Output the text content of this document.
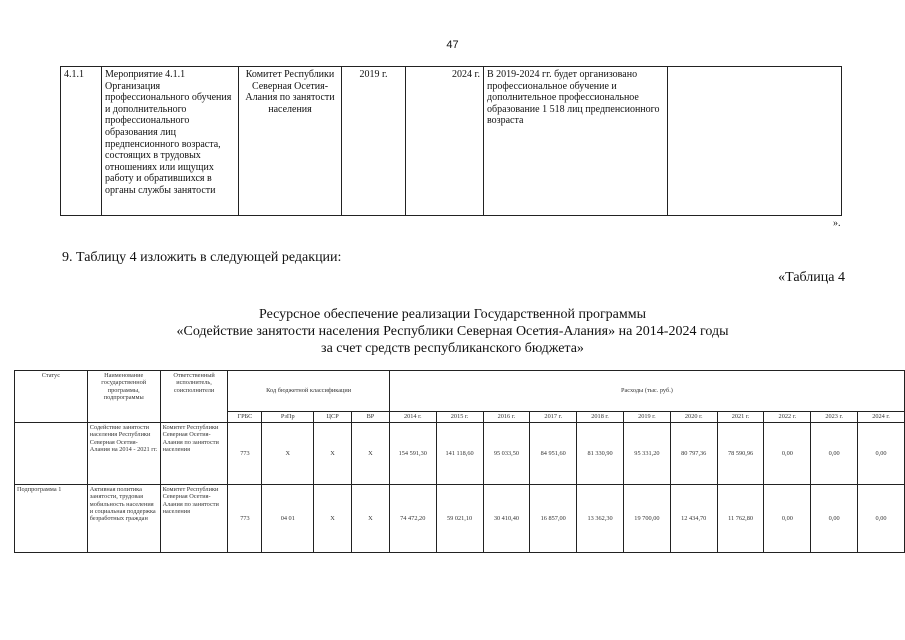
47
4.1.1	Мероприятие 4.1.1 Организация профессионального обучения и дополнительного профессионального образования лиц предпенсионного возраста, состоящих в трудовых отношениях или ищущих работу и обратившихся в органы службы занятости	Комитет Республики Северная Осетия-Алания по занятости населения	2019 г.	2024 г.	В 2019-2024 гг. будет организовано профессиональное обучение и дополнительное профессиональное образование 1 518 лиц предпенсионного возраста	
».
9. Таблицу 4 изложить в следующей редакции:
«Таблица 4
Ресурсное обеспечение реализации Государственной программы
«Содействие занятости населения Республики Северная Осетия-Алания» на 2014-2024 годы
за счет средств республиканского бюджета»
Статус	Наименование государственной программы, подпрограммы	Ответственный исполнитель, соисполнители	Код бюджетной классификации				Расходы (тыс. руб.)										
			ГРБС	РзПр	ЦСР	ВР	2014 г.	2015 г.	2016 г.	2017 г.	2018 г.	2019 г.	2020 г.	2021 г.	2022 г.	2023 г.	2024 г.
	Содействие занятости населения Республики Северная Осетия-Алания на 2014 - 2021 гг.	Комитет Республики Северная Осетия-Алания по занятости населения	773	X	X	X	154 591,30	141 118,60	95 033,50	84 951,60	81 330,90	95 331,20	80 797,36	78 590,96	0,00	0,00	0,00
Подпрограмма 1	Активная политика занятости, трудовая мобильность населения и социальная поддержка безработных граждан	Комитет Республики Северная Осетия-Алания по занятости населения	773	04 01	X	X	74 472,20	59 021,10	30 410,40	16 857,00	13 362,30	19 700,00	12 434,70	11 762,80	0,00	0,00	0,00
